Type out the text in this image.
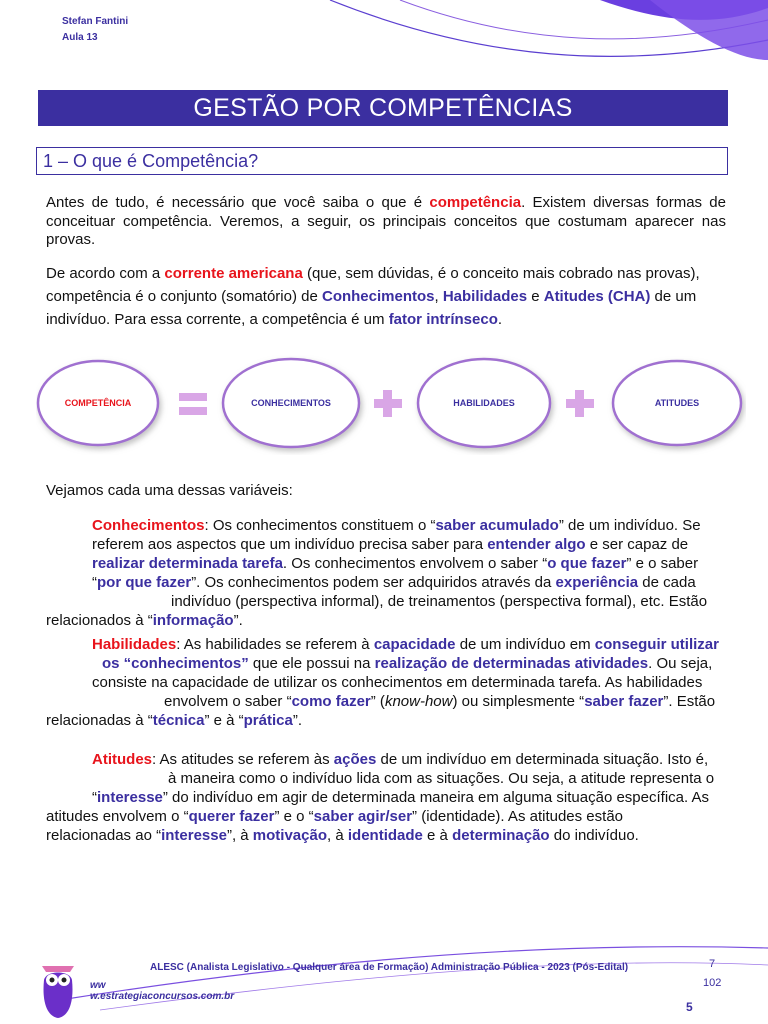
Stefan Fantini
Aula 13
GESTÃO POR COMPETÊNCIAS
1 – O que é Competência?
Antes de tudo, é necessário que você saiba o que é competência. Existem diversas formas de conceituar competência. Veremos, a seguir, os principais conceitos que costumam aparecer nas provas.
De acordo com a corrente americana (que, sem dúvidas, é o conceito mais cobrado nas provas),
competência é o conjunto (somatório) de Conhecimentos, Habilidades e Atitudes (CHA) de um
indivíduo. Para essa corrente, a competência é um fator intrínseco.
COMPETÊNCIA	CONHECIMENTOS	HABILIDADES	ATITUDES
Vejamos cada uma dessas variáveis:
Conhecimentos: Os conhecimentos constituem o “saber acumulado” de um indivíduo. Se
referem aos aspectos que um indivíduo precisa saber para entender algo e ser capaz de
realizar determinada tarefa. Os conhecimentos envolvem o saber “o que fazer” e o saber
“por que fazer”. Os conhecimentos podem ser adquiridos através da experiência de cada
indivíduo (perspectiva informal), de treinamentos (perspectiva formal), etc. Estão
relacionados à “informação”.
Habilidades: As habilidades se referem à capacidade de um indivíduo em conseguir utilizar
os “conhecimentos” que ele possui na realização de determinadas atividades. Ou seja,
consiste na capacidade de utilizar os conhecimentos em determinada tarefa. As habilidades
envolvem o saber “como fazer” (know-how) ou simplesmente “saber fazer”. Estão
relacionadas à “técnica” e à “prática”.
Atitudes: As atitudes se referem às ações de um indivíduo em determinada situação. Isto é,
à maneira como o indivíduo lida com as situações. Ou seja, a atitude representa o
“interesse” do indivíduo em agir de determinada maneira em alguma situação específica. As
atitudes envolvem o “querer fazer” e o “saber agir/ser” (identidade). As atitudes estão
relacionadas ao “interesse”, à motivação, à identidade e à determinação do indivíduo.
ww
w.estrategiaconcursos.com.br
ALESC (Analista Legislativo - Qualquer área de Formação) Administração Pública - 2023 (Pós-Edital)	7
102
5
